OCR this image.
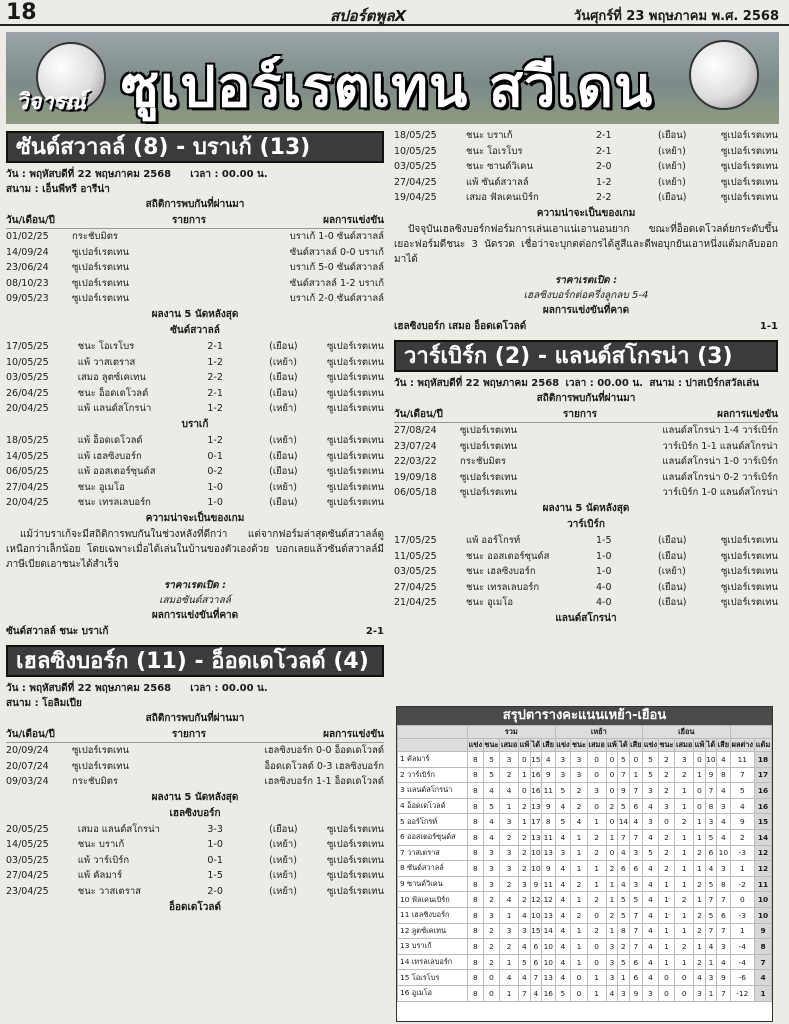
18	สปอร์ตพูลX	วันศุกร์ที่ 23 พฤษภาคม พ.ศ. 2568
วิจารณ์ ซูเปอร์เรตเทน สวีเดน
ซันด์สวาลล์ (8) - บราเก้ (13)
วัน : พฤหัสบดีที่ 22 พฤษภาคม 2568 เวลา : 00.00 น.
สนาม : เอ็นพีทรี อารีน่า
สถิติการพบกันที่ผ่านมา
วัน/เดือน/ปี	รายการ	ผลการแข่งขัน
01/02/25	กระชับมิตร	บราเก้ 1-0 ซันด์สวาลล์
14/09/24	ซูเปอร์เรตเทน	ซันด์สวาลล์ 0-0 บราเก้
23/06/24	ซูเปอร์เรตเทน	บราเก้ 5-0 ซันด์สวาลล์
08/10/23	ซูเปอร์เรตเทน	ซันด์สวาลล์ 1-2 บราเก้
09/05/23	ซูเปอร์เรตเทน	บราเก้ 2-0 ซันด์สวาลล์
ผลงาน 5 นัดหลังสุด
ซันด์สวาลล์
17/05/25	ชนะ โอเรโบร	2-1	(เยือน)	ซูเปอร์เรตเทน
10/05/25	แพ้ วาสเตราส	1-2	(เหย้า)	ซูเปอร์เรตเทน
03/05/25	เสมอ ลูตซ์เคเทน	2-2	(เยือน)	ซูเปอร์เรตเทน
26/04/25	ชนะ อ็อดเดโวลด์	2-1	(เยือน)	ซูเปอร์เรตเทน
20/04/25	แพ้ แลนด์สโกรน่า	1-2	(เหย้า)	ซูเปอร์เรตเทน
บราเก้
18/05/25	แพ้ อ็อดเดโวลด์	1-2	(เหย้า)	ซูเปอร์เรตเทน
14/05/25	แพ้ เฮลซิงบอร์ก	0-1	(เยือน)	ซูเปอร์เรตเทน
06/05/25	แพ้ ออสเตอร์ซุนด์ส	0-2	(เยือน)	ซูเปอร์เรตเทน
27/04/25	ชนะ อูเมโอ	1-0	(เหย้า)	ซูเปอร์เรตเทน
20/04/25	ชนะ เทรลเลบอร์ก	1-0	(เยือน)	ซูเปอร์เรตเทน
ความน่าจะเป็นของเกม
แม้ว่าบราเก้จะมีสถิติการพบกันในช่วงหลังที่ดีกว่า แต่จากฟอร์มล่าสุดซันด์สวาลล์ดูเหนือกว่าเล็กน้อย โดยเฉพาะเมื่อได้เล่นในบ้านของตัวเองด้วย บอกเลยแล้วซันด์สวาลล์มีภาษีเบียดเอาชนะได้สำเร็จ
ราคาเรตเปิด :
เสมอซันด์สวาลล์
ผลการแข่งขันที่คาด
ซันด์สวาลล์ ชนะ บราเก้	2-1
เฮลซิงบอร์ก (11) - อ็อดเดโวลด์ (4)
วัน : พฤหัสบดีที่ 22 พฤษภาคม 2568 เวลา : 00.00 น.
สนาม : โอลิมเปีย
สถิติการพบกันที่ผ่านมา
วัน/เดือน/ปี	รายการ	ผลการแข่งขัน
20/09/24	ซูเปอร์เรตเทน	เฮลซิงบอร์ก 0-0 อ็อดเดโวลด์
20/07/24	ซูเปอร์เรตเทน	อ็อดเดโวลด์ 0-3 เฮลซิงบอร์ก
09/03/24	กระชับมิตร	เฮลซิงบอร์ก 1-1 อ็อดเดโวลด์
ผลงาน 5 นัดหลังสุด
เฮลซิงบอร์ก
20/05/25	เสมอ แลนด์สโกรน่า	3-3	(เยือน)	ซูเปอร์เรตเทน
14/05/25	ชนะ บราเก้	1-0	(เหย้า)	ซูเปอร์เรตเทน
03/05/25	แพ้ วาร์เบิร์ก	0-1	(เหย้า)	ซูเปอร์เรตเทน
27/04/25	แพ้ คัลมาร์	1-5	(เหย้า)	ซูเปอร์เรตเทน
23/04/25	ชนะ วาสเตราส	2-0	(เหย้า)	ซูเปอร์เรตเทน
อ็อดเดโวลด์
18/05/25	ชนะ บราเก้	2-1	(เยือน)	ซูเปอร์เรตเทน
10/05/25	ชนะ โอเรโบร	2-1	(เหย้า)	ซูเปอร์เรตเทน
03/05/25	ชนะ ซานด์วิเคน	2-0	(เหย้า)	ซูเปอร์เรตเทน
27/04/25	แพ้ ซันด์สวาลล์	1-2	(เหย้า)	ซูเปอร์เรตเทน
19/04/25	เสมอ ฟัลเคนเบิร์ก	2-2	(เยือน)	ซูเปอร์เรตเทน
ความน่าจะเป็นของเกม
ปัจจุบันเฮลซิงบอร์กฟอร์มการเล่นเอาแน่เอานอนยาก ขณะที่อ็อดเดโวลด์ยกระดับขึ้นเยอะฟอร์มดีชนะ 3 นัดรวด เชื่อว่าจะบุกตต่อกรได้สูสีและดีพอบุกยันเอาหนึ่งแต้มกลับออกมาได้
ราคาเรตเปิด :
เฮลซิงบอร์กต่อครึ่งลูกลบ 5-4
ผลการแข่งขันที่คาด
เฮลซิงบอร์ก เสมอ อ็อดเดโวลด์	1-1
วาร์เบิร์ก (2) - แลนด์สโกรน่า (3)
วัน : พฤหัสบดีที่ 22 พฤษภาคม 2568 เวลา : 00.00 น. สนาม : ปาสเบิร์กสวัลเล่น
สถิติการพบกันที่ผ่านมา
วัน/เดือน/ปี	รายการ	ผลการแข่งขัน
27/08/24	ซูเปอร์เรตเทน	แลนด์สโกรน่า 1-4 วาร์เบิร์ก
23/07/24	ซูเปอร์เรตเทน	วาร์เบิร์ก 1-1 แลนด์สโกรน่า
22/03/22	กระชับมิตร	แลนด์สโกรน่า 1-0 วาร์เบิร์ก
19/09/18	ซูเปอร์เรตเทน	แลนด์สโกรน่า 0-2 วาร์เบิร์ก
06/05/18	ซูเปอร์เรตเทน	วาร์เบิร์ก 1-0 แลนด์สโกรน่า
ผลงาน 5 นัดหลังสุด
วาร์เบิร์ก
17/05/25	แพ้ ออร์โกรท์	1-5	(เยือน)	ซูเปอร์เรตเทน
11/05/25	ชนะ ออสเตอร์ซุนด์ส	1-0	(เยือน)	ซูเปอร์เรตเทน
03/05/25	ชนะ เฮลซิงบอร์ก	1-0	(เหย้า)	ซูเปอร์เรตเทน
27/04/25	ชนะ เทรลเลบอร์ก	4-0	(เยือน)	ซูเปอร์เรตเทน
21/04/25	ชนะ อูเมโอ	4-0	(เยือน)	ซูเปอร์เรตเทน
แลนด์สโกรน่า
สรุปตารางคะแนนเหย้า-เยือน
	รวม						เหย้า						เยือน							
	แข่ง	ชนะ	เสมอ	แพ้	ได้	เสีย	แข่ง	ชนะ	เสมอ	แพ้	ได้	เสีย	แข่ง	ชนะ	เสมอ	แพ้	ได้	เสีย	ผลต่าง	แต้ม
1 คัลมาร์	8	5	3	0	15	4	3	3	0	0	5	0	5	2	3	0	10	4	11	18
2 วาร์เบิร์ก	8	5	2	1	16	9	3	3	0	0	7	1	5	2	2	1	9	8	7	17
3 แลนด์สโกรน่า	8	4	4	0	16	11	5	2	3	0	9	7	3	2	1	0	7	4	5	16
4 อ็อดเดโวลด์	8	5	1	2	13	9	4	2	0	2	5	6	4	3	1	0	8	3	4	16
5 ออร์โกรท์	8	4	3	1	17	8	5	4	1	0	14	4	3	0	2	1	3	4	9	15
6 ออสเตอร์ซุนด์ส	8	4	2	2	13	11	4	1	2	1	7	7	4	2	1	1	5	4	2	14
7 วาสเตราส	8	3	3	2	10	13	3	1	2	0	4	3	5	2	1	2	6	10	-3	12
8 ซันด์สวาลล์	8	3	3	2	10	9	4	1	1	2	6	6	4	2	1	1	4	3	1	12
9 ซานด์วิเคน	8	3	2	3	9	11	4	2	1	1	4	3	4	1	1	2	5	8	-2	11
10 ฟัลเคนเบิร์ก	8	2	4	2	12	12	4	1	2	1	5	5	4	1	2	1	7	7	0	10
11 เฮลซิงบอร์ก	8	3	1	4	10	13	4	2	0	2	5	7	4	1	1	2	5	6	-3	10
12 ลูตซ์เคเทน	8	2	3	3	15	14	4	1	2	1	8	7	4	1	1	2	7	7	1	9
13 บราเก้	8	2	2	4	6	10	4	1	0	3	2	7	4	1	2	1	4	3	-4	8
14 เทรลเลบอร์ก	8	2	1	5	6	10	4	1	0	3	5	6	4	1	1	2	1	4	-4	7
15 โอเรโบร	8	0	4	4	7	13	4	0	1	3	1	6	4	0	0	4	3	9	-6	4
16 อูเมโอ	8	0	1	7	4	16	5	0	1	4	3	9	3	0	0	3	1	7	-12	1
